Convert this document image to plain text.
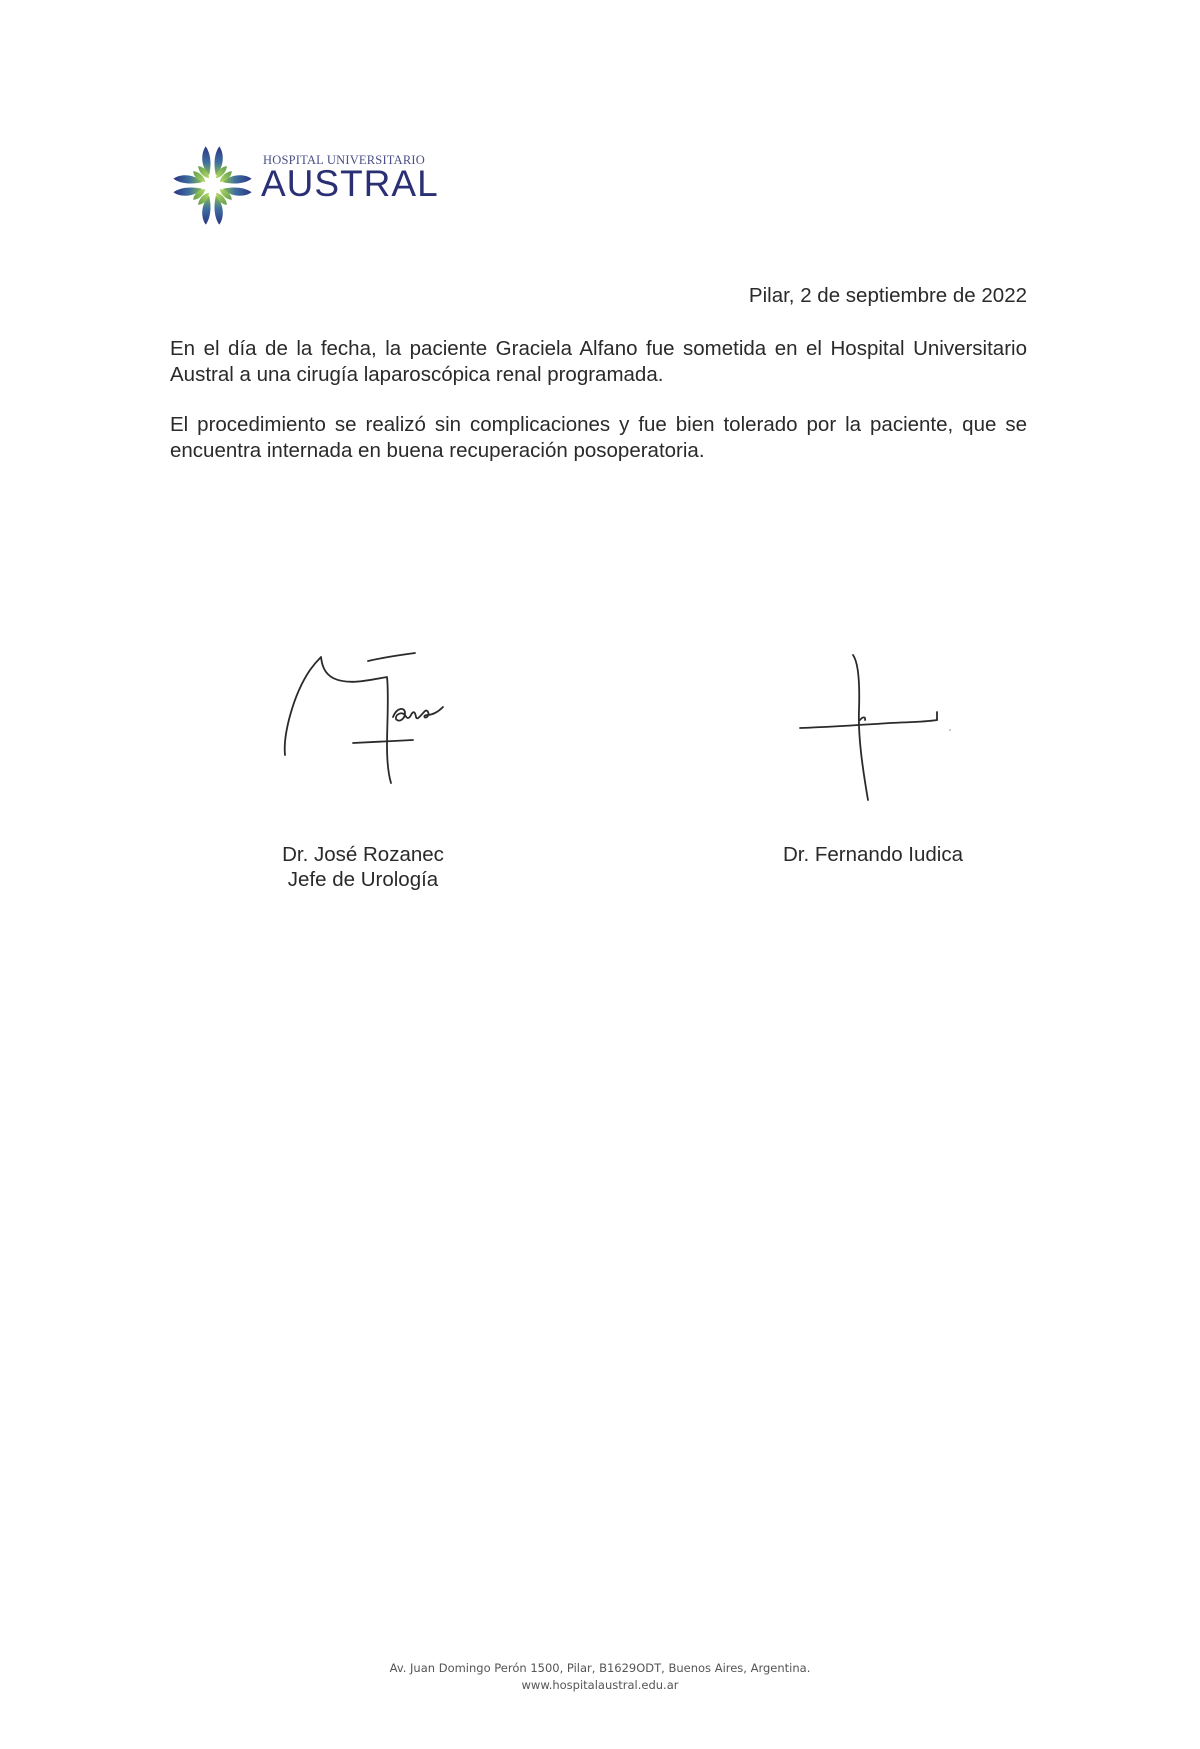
HOSPITAL UNIVERSITARIO
AUSTRAL
Pilar, 2 de septiembre de 2022

En el día de la fecha, la paciente Graciela Alfano fue sometida en el Hospital Universitario Austral a una cirugía laparoscópica renal programada.

El procedimiento se realizó sin complicaciones y fue bien tolerado por la paciente, que se encuentra internada en buena recuperación posoperatoria.

Dr. José Rozanec
Jefe de Urología
Dr. Fernando Iudica
Av. Juan Domingo Perón 1500, Pilar, B1629ODT, Buenos Aires, Argentina.
www.hospitalaustral.edu.ar
